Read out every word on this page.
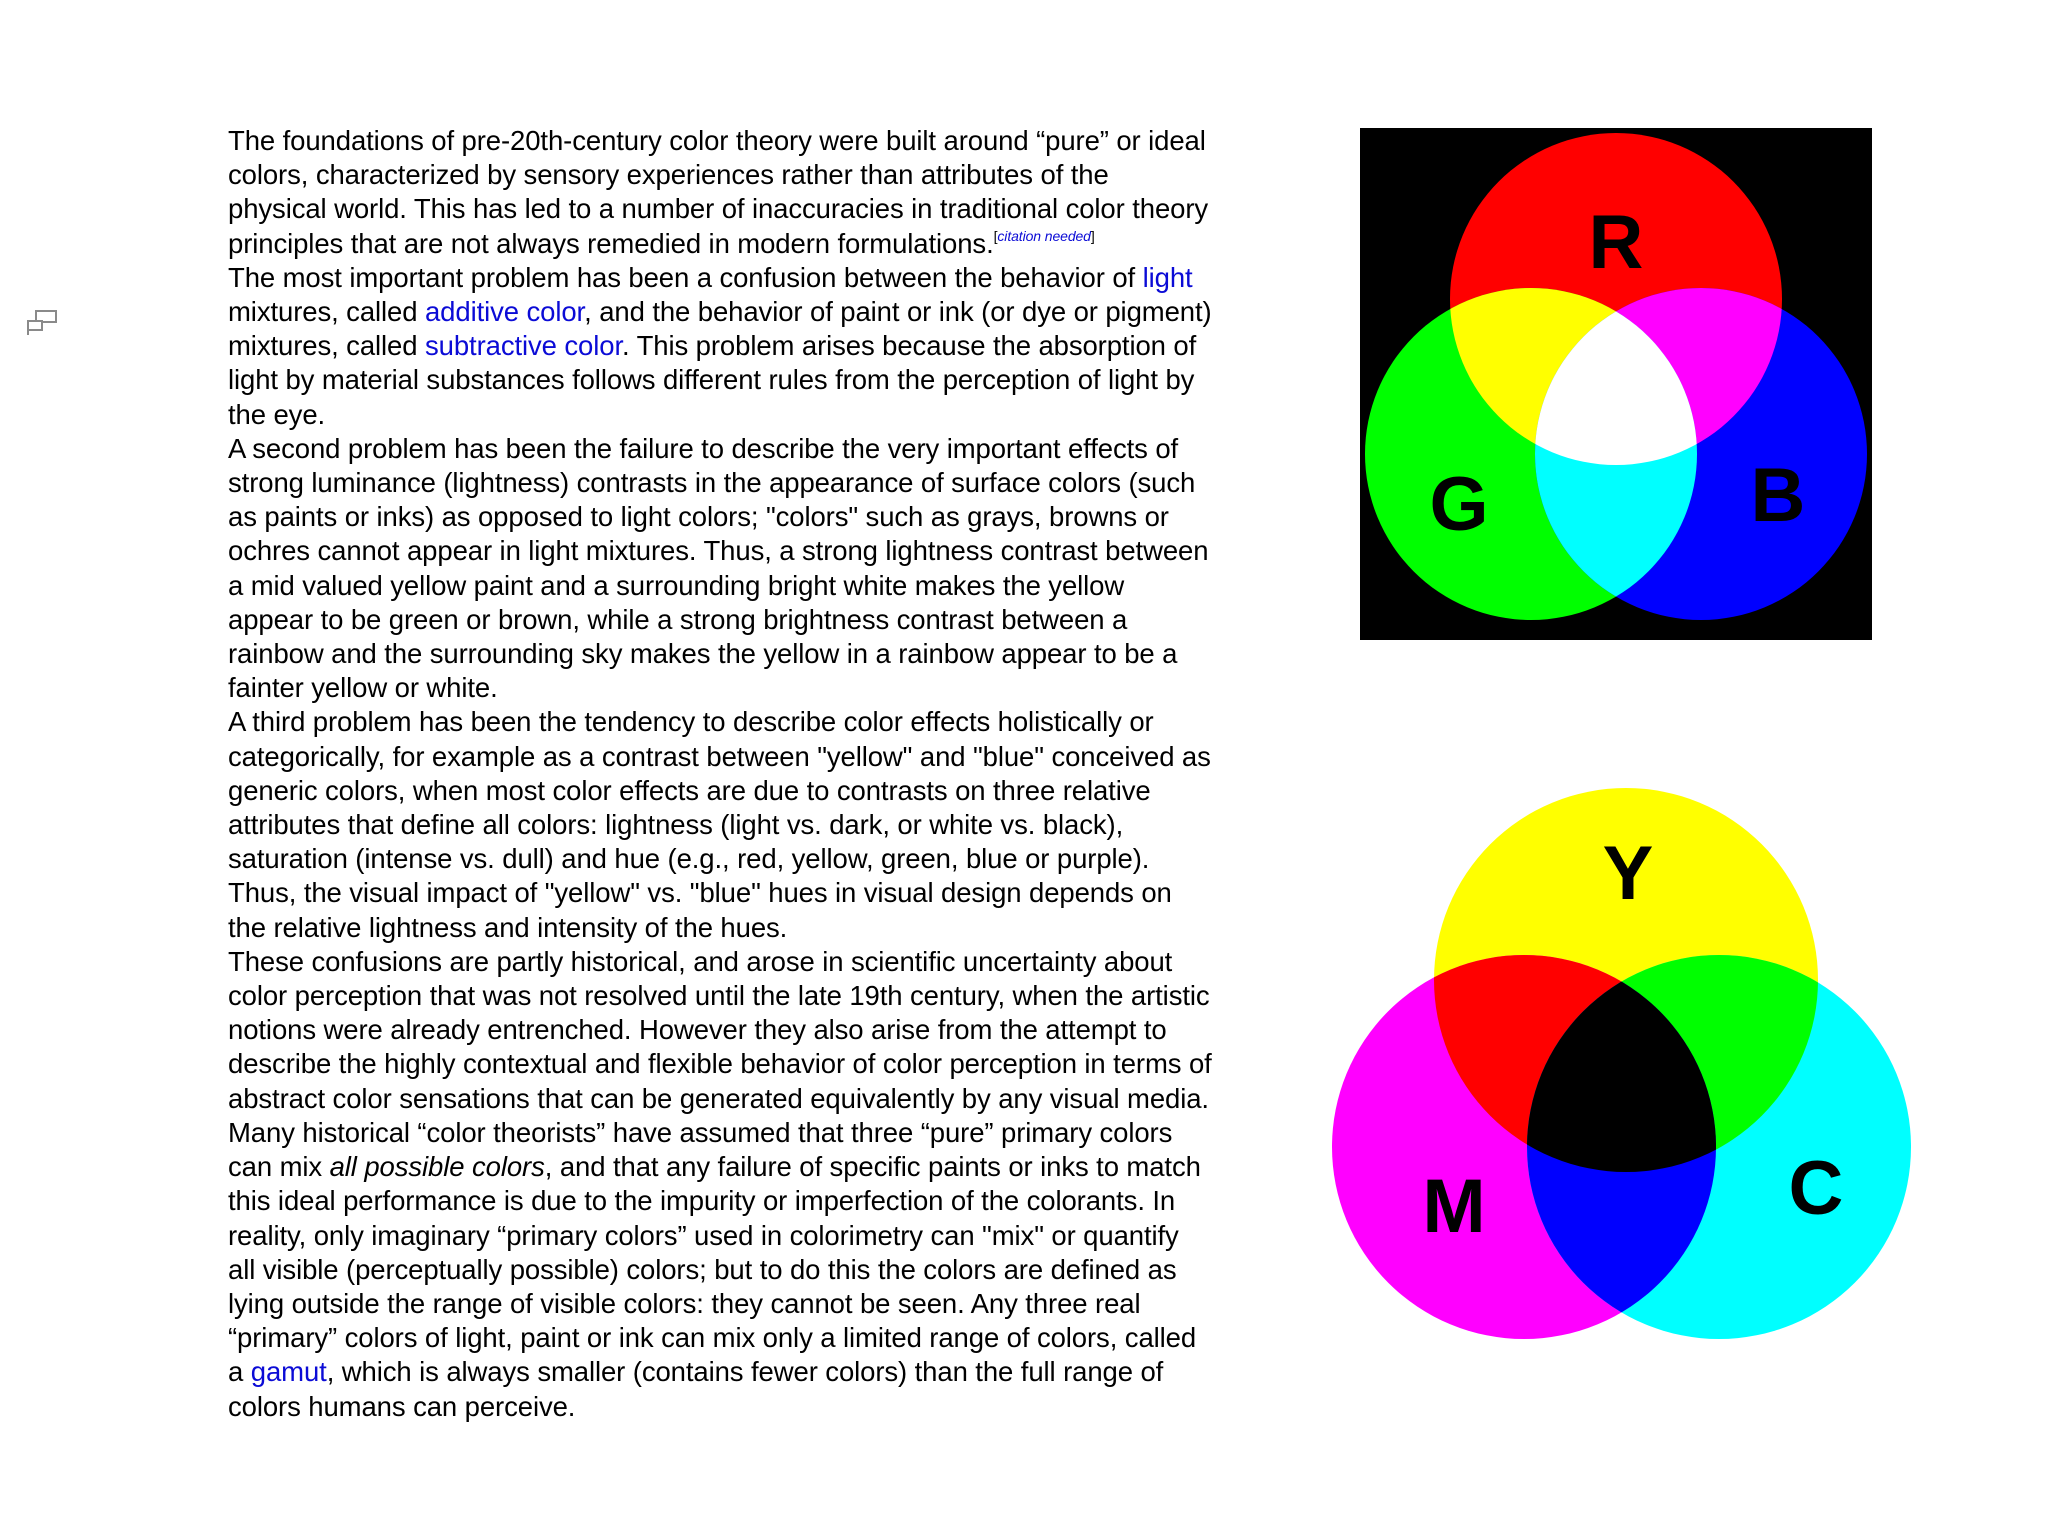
The foundations of pre-20th-century color theory were built around “pure” or ideal colors, characterized by sensory experiences rather than attributes of the physical world. This has led to a number of inaccuracies in traditional color theory principles that are not always remedied in modern formulations.[citation needed]

The most important problem has been a confusion between the behavior of light mixtures, called additive color, and the behavior of paint or ink (or dye or pigment) mixtures, called subtractive color. This problem arises because the absorption of light by material substances follows different rules from the perception of light by the eye.

A second problem has been the failure to describe the very important effects of strong luminance (lightness) contrasts in the appearance of surface colors (such as paints or inks) as opposed to light colors; "colors" such as grays, browns or ochres cannot appear in light mixtures. Thus, a strong lightness contrast between a mid valued yellow paint and a surrounding bright white makes the yellow appear to be green or brown, while a strong brightness contrast between a rainbow and the surrounding sky makes the yellow in a rainbow appear to be a fainter yellow or white.

A third problem has been the tendency to describe color effects holistically or categorically, for example as a contrast between "yellow" and "blue" conceived as generic colors, when most color effects are due to contrasts on three relative attributes that define all colors: lightness (light vs. dark, or white vs. black), saturation (intense vs. dull) and hue (e.g., red, yellow, green, blue or purple). Thus, the visual impact of "yellow" vs. "blue" hues in visual design depends on the relative lightness and intensity of the hues.

These confusions are partly historical, and arose in scientific uncertainty about color perception that was not resolved until the late 19th century, when the artistic notions were already entrenched. However they also arise from the attempt to describe the highly contextual and flexible behavior of color perception in terms of abstract color sensations that can be generated equivalently by any visual media.

Many historical “color theorists” have assumed that three “pure” primary colors can mix all possible colors, and that any failure of specific paints or inks to match this ideal performance is due to the impurity or imperfection of the colorants. In reality, only imaginary “primary colors” used in colorimetry can "mix" or quantify all visible (perceptually possible) colors; but to do this the colors are defined as lying outside the range of visible colors: they cannot be seen. Any three real “primary” colors of light, paint or ink can mix only a limited range of colors, called a gamut, which is always smaller (contains fewer colors) than the full range of colors humans can perceive.

R
G	B
Y
M	C
